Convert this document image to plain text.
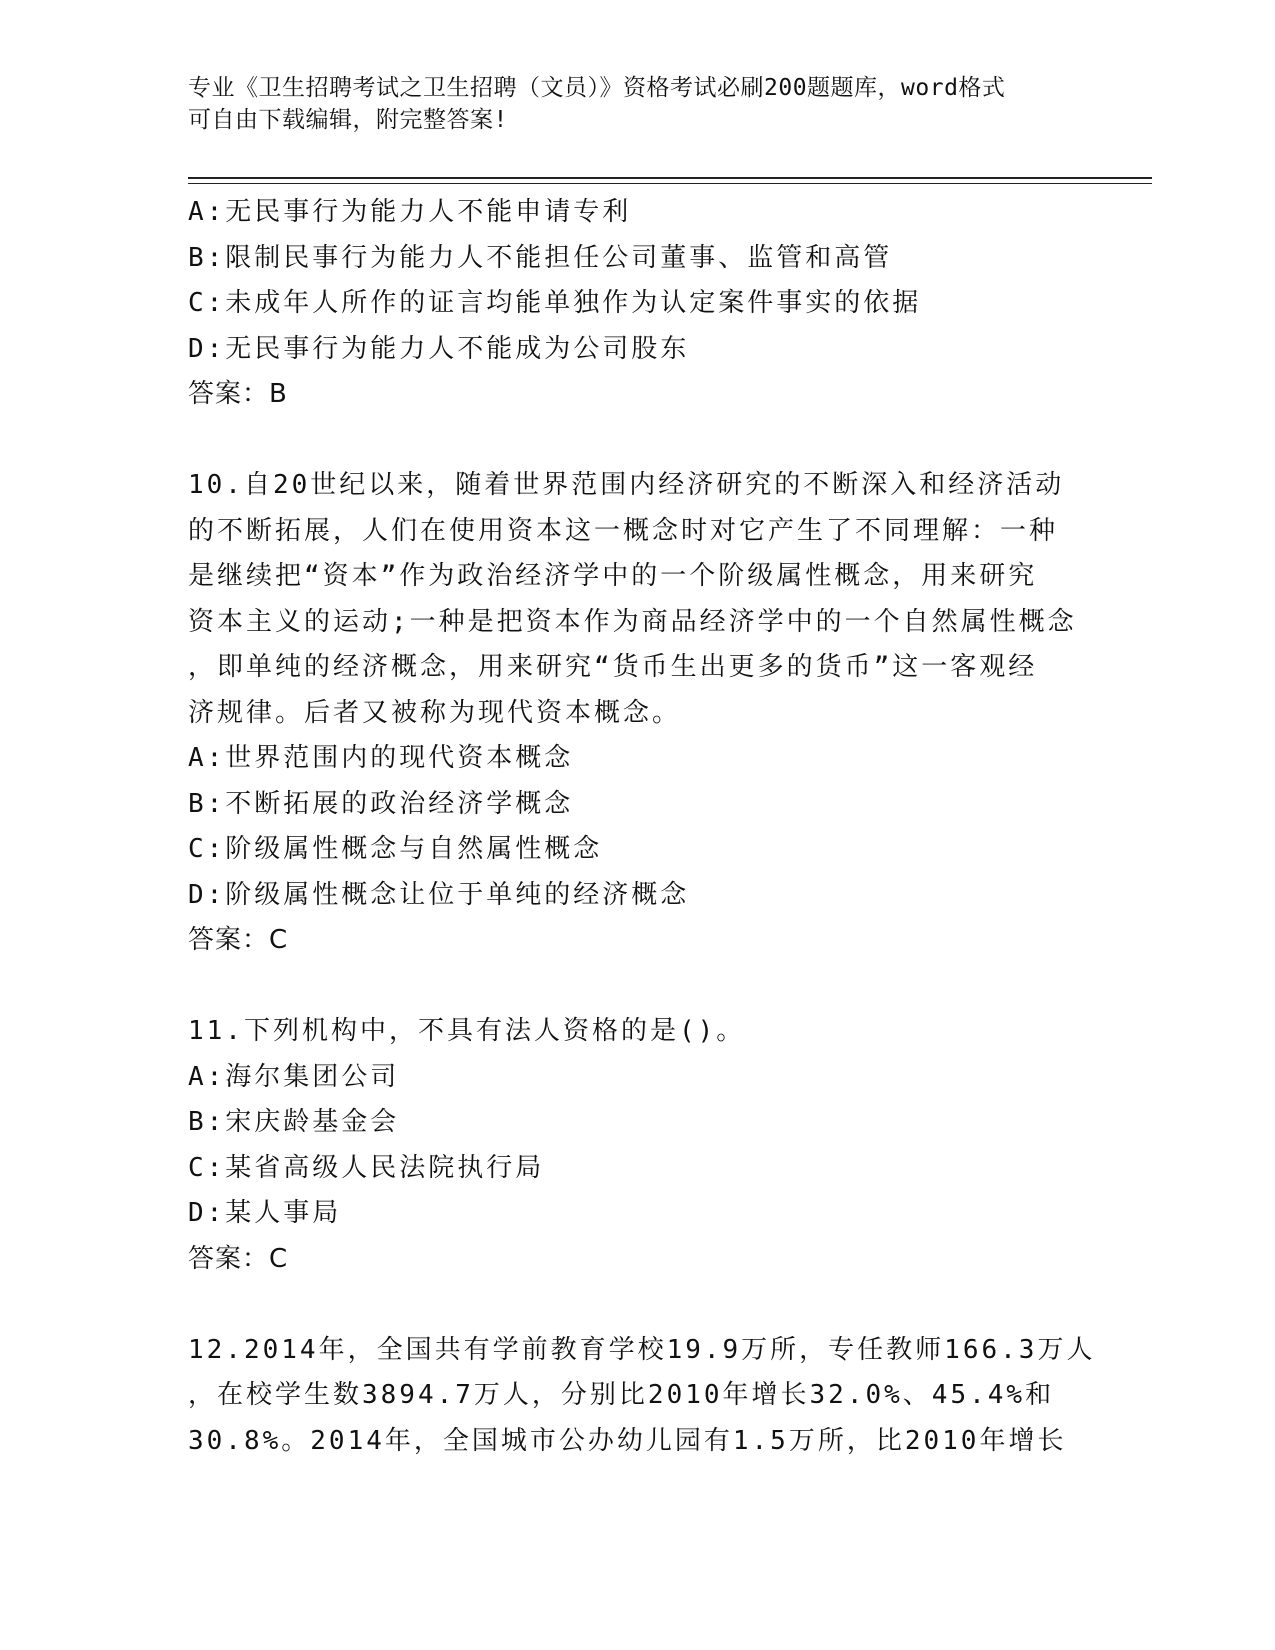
专业《卫生招聘考试之卫生招聘（文员）》资格考试必刷200题题库，word格式
可自由下载编辑，附完整答案!
A:无民事行为能力人不能申请专利
B:限制民事行为能力人不能担任公司董事、监管和高管
C:未成年人所作的证言均能单独作为认定案件事实的依据
D:无民事行为能力人不能成为公司股东
答案：B
10.自20世纪以来，随着世界范围内经济研究的不断深入和经济活动
的不断拓展，人们在使用资本这一概念时对它产生了不同理解：一种
是继续把“资本”作为政治经济学中的一个阶级属性概念，用来研究
资本主义的运动;一种是把资本作为商品经济学中的一个自然属性概念
，即单纯的经济概念，用来研究“货币生出更多的货币”这一客观经
济规律。后者又被称为现代资本概念。
A:世界范围内的现代资本概念
B:不断拓展的政治经济学概念
C:阶级属性概念与自然属性概念
D:阶级属性概念让位于单纯的经济概念
答案：C
11.下列机构中，不具有法人资格的是()。
A:海尔集团公司
B:宋庆龄基金会
C:某省高级人民法院执行局
D:某人事局
答案：C
12.2014年，全国共有学前教育学校19.9万所，专任教师166.3万人
，在校学生数3894.7万人，分别比2010年增长32.0%、45.4%和
30.8%。2014年，全国城市公办幼儿园有1.5万所，比2010年增长
